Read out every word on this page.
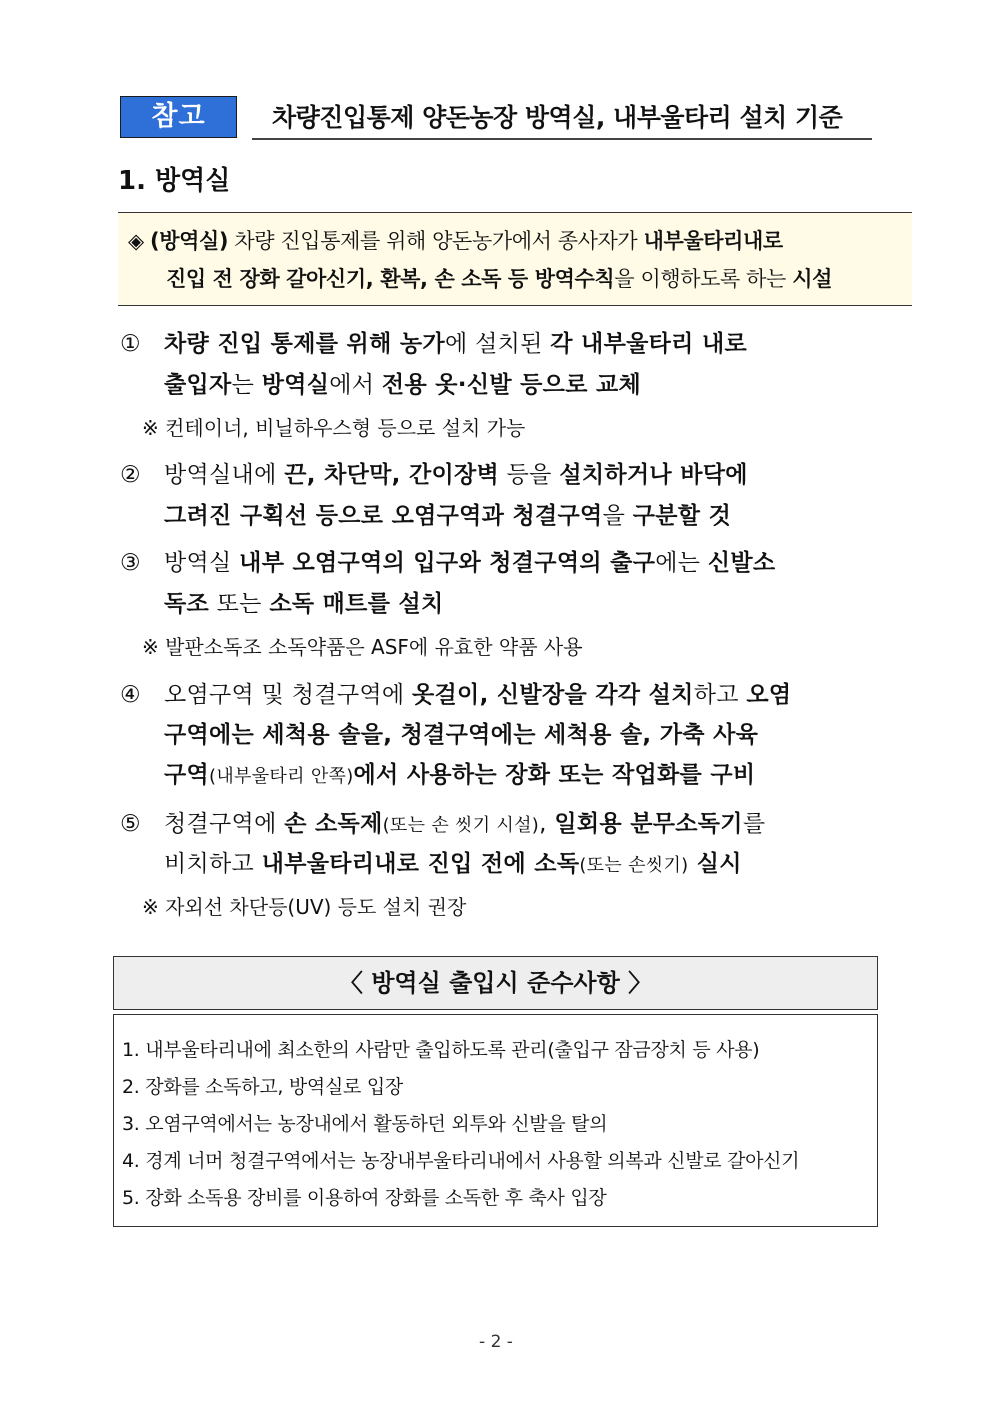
참고	차량진입통제 양돈농장 방역실, 내부울타리 설치 기준
1. 방역실
◈ (방역실) 차량 진입통제를 위해 양돈농가에서 종사자가 내부울타리내로
진입 전 장화 갈아신기, 환복, 손 소독 등 방역수칙을 이행하도록 하는 시설
① 차량 진입 통제를 위해 농가에 설치된 각 내부울타리 내로
출입자는 방역실에서 전용 옷·신발 등으로 교체
※ 컨테이너, 비닐하우스형 등으로 설치 가능
② 방역실내에 끈, 차단막, 간이장벽 등을 설치하거나 바닥에
그려진 구획선 등으로 오염구역과 청결구역을 구분할 것
③ 방역실 내부 오염구역의 입구와 청결구역의 출구에는 신발소
독조 또는 소독 매트를 설치
※ 발판소독조 소독약품은 ASF에 유효한 약품 사용
④ 오염구역 및 청결구역에 옷걸이, 신발장을 각각 설치하고 오염
구역에는 세척용 솔을, 청결구역에는 세척용 솔, 가축 사육
구역(내부울타리 안쪽)에서 사용하는 장화 또는 작업화를 구비
⑤ 청결구역에 손 소독제(또는 손 씻기 시설), 일회용 분무소독기를
비치하고 내부울타리내로 진입 전에 소독(또는 손씻기) 실시
※ 자외선 차단등(UV) 등도 설치 권장
〈 방역실 출입시 준수사항 〉
1. 내부울타리내에 최소한의 사람만 출입하도록 관리(출입구 잠금장치 등 사용)
2. 장화를 소독하고, 방역실로 입장
3. 오염구역에서는 농장내에서 활동하던 외투와 신발을 탈의
4. 경계 너머 청결구역에서는 농장내부울타리내에서 사용할 의복과 신발로 갈아신기
5. 장화 소독용 장비를 이용하여 장화를 소독한 후 축사 입장
- 2 -
